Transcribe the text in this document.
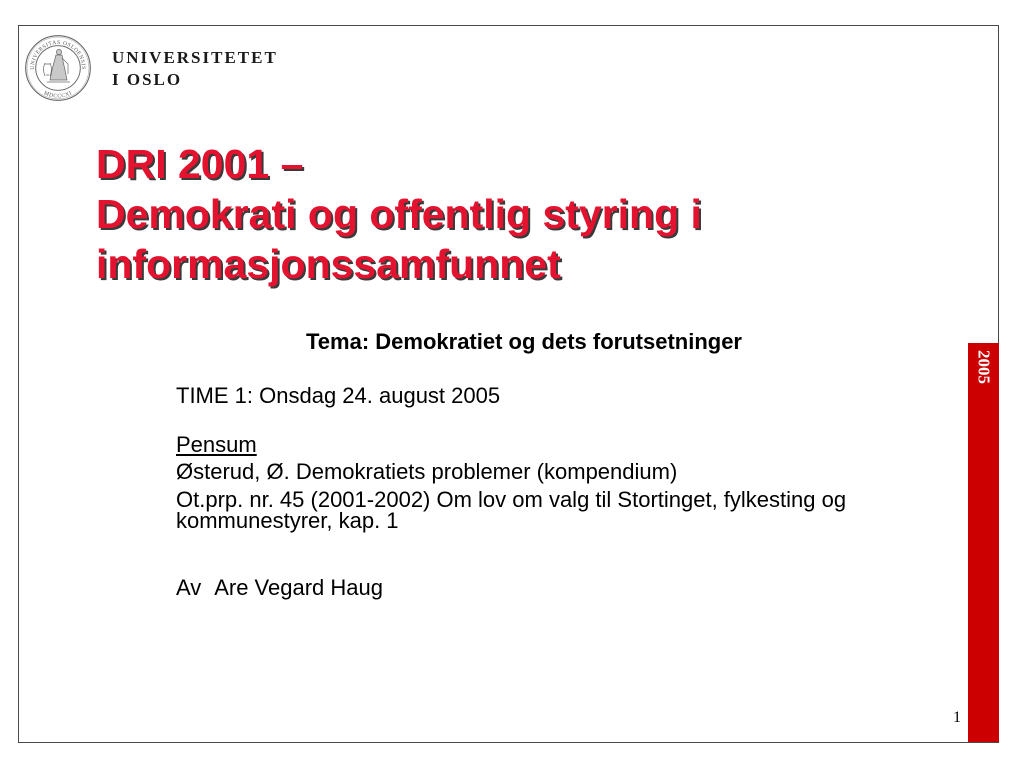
UNIVERSITAS OSLOENSIS
MDCCCXI
UNIVERSITETET
I OSLO
DRI 2001 –
Demokrati og offentlig styring i
informasjonssamfunnet
Tema: Demokratiet og dets forutsetninger
TIME 1: Onsdag 24. august 2005
Pensum
Østerud, Ø. Demokratiets problemer (kompendium)
Ot.prp. nr. 45 (2001-2002) Om lov om valg til Stortinget, fylkesting og kommunestyrer, kap. 1
Av Are Vegard Haug
2005
1
